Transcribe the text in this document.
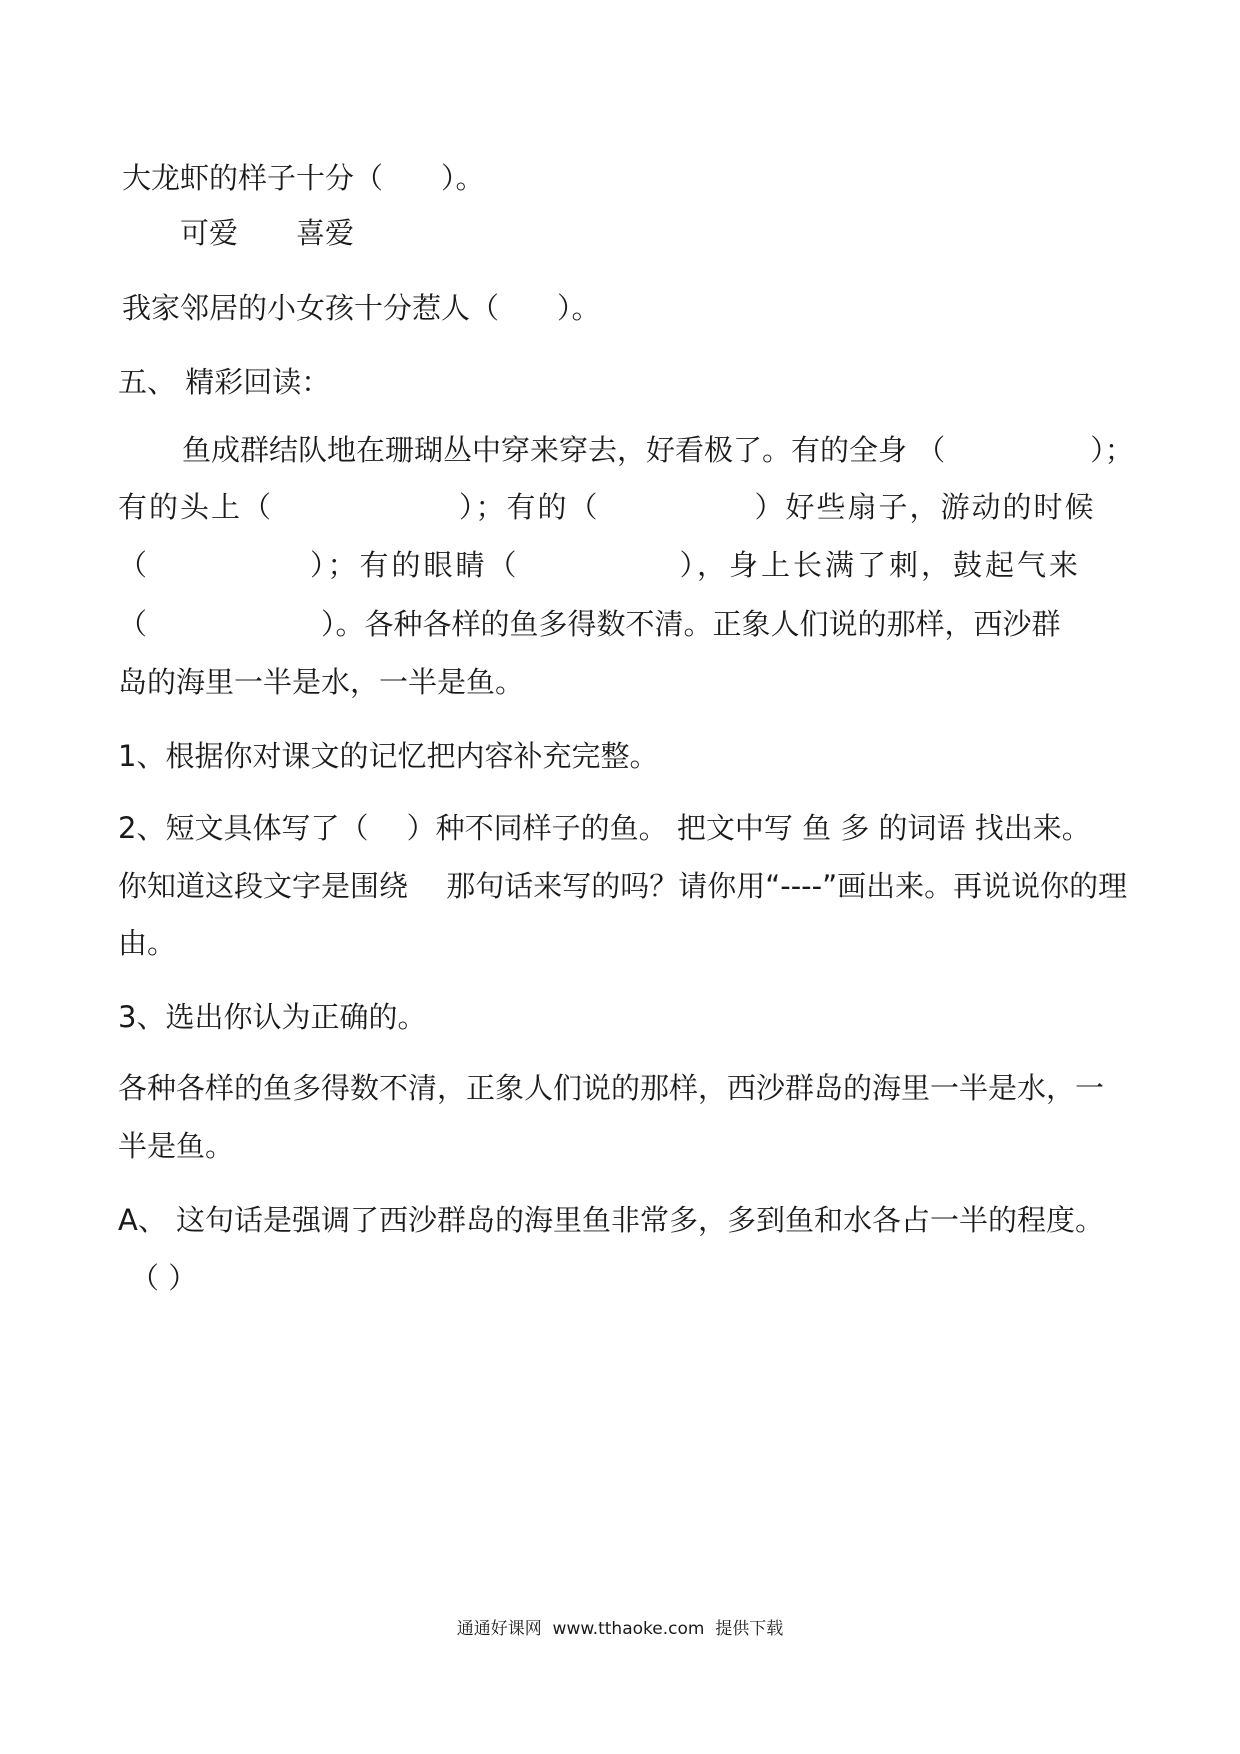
大龙虾的样子十分（　　）。
可爱　　喜爱
我家邻居的小女孩十分惹人（　　）。
五、 精彩回读：
鱼成群结队地在珊瑚丛中穿来穿去，好看极了。有的全身 （　　　　　）；
有的头上（　　　　　　）；有的（　　　　　）好些扇子，游动的时候
（　　　　　）；有的眼睛（　　　　　），身上长满了刺，鼓起气来
（　　　　　　）。各种各样的鱼多得数不清。正象人们说的那样，西沙群
岛的海里一半是水，一半是鱼。
1、根据你对课文的记忆把内容补充完整。
2、短文具体写了（　 ）种不同样子的鱼。 把文中写 鱼 多 的词语 找出来。
你知道这段文字是围绕　 那句话来写的吗？请你用“----”画出来。再说说你的理
由。
3、选出你认为正确的。
各种各样的鱼多得数不清，正象人们说的那样，西沙群岛的海里一半是水，一
半是鱼。
A、 这句话是强调了西沙群岛的海里鱼非常多，多到鱼和水各占一半的程度。
（ ）
通通好课网  www.tthaoke.com  提供下载
